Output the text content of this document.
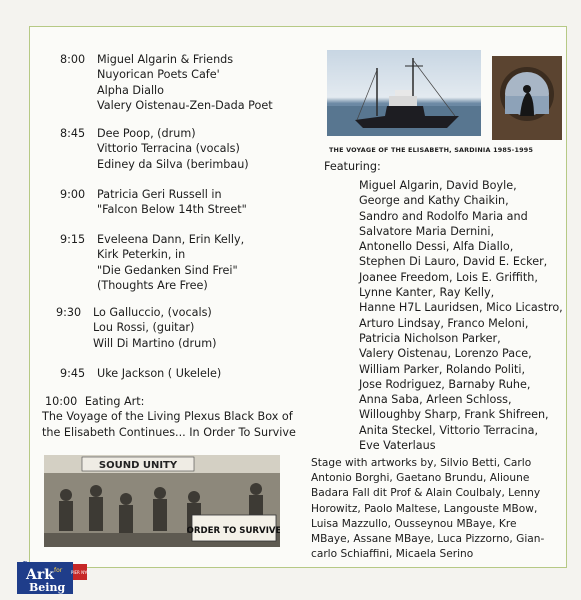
8:00 Miguel Algarin & Friends
Nuyorican Poets Cafe'
Alpha Diallo
Valery Oistenau-Zen-Dada Poet
8:45 Dee Poop, (drum)
Vittorio Terracina (vocals)
Ediney da Silva (berimbau)
9:00 Patricia Geri Russell in
"Falcon Below 14th Street"
9:15 Eveleena Dann, Erin Kelly,
Kirk Peterkin, in
"Die Gedanken Sind Frei"
(Thoughts Are Free)
9:30 Lo Galluccio, (vocals)
Lou Rossi, (guitar)
Will Di Martino (drum)
9:45 Uke Jackson ( Ukelele)
10:00 Eating Art:
The Voyage of the Living Plexus Black Box of
the Elisabeth Continues... In Order To Survive
THE VOYAGE OF THE ELISABETH, SARDINIA 1985-1995
Featuring:
Miguel Algarin, David Boyle,
George and Kathy Chaikin,
Sandro and Rodolfo Maria and
Salvatore Maria Dernini,
Antonello Dessi, Alfa Diallo,
Stephen Di Lauro, David E. Ecker,
Joanee Freedom, Lois E. Griffith,
Lynne Kanter, Ray Kelly,
Hanne H7L Lauridsen, Mico Licastro,
Arturo Lindsay, Franco Meloni,
Patricia Nicholson Parker,
Valery Oistenau, Lorenzo Pace,
William Parker, Rolando Politi,
Jose Rodriguez, Barnaby Ruhe,
Anna Saba, Arleen Schloss,
Willoughby Sharp, Frank Shifreen,
Anita Steckel, Vittorio Terracina,
Eve Vaterlaus
Stage with artworks by, Silvio Betti, Carlo
Antonio Borghi, Gaetano Brundu, Alioune
Badara Fall dit Prof & Alain Coulbaly, Lenny
Horowitz, Paolo Maltese, Langouste MBow,
Luisa Mazzullo, Ousseynou MBaye, Kre
MBaye, Assane MBaye, Luca Pizzorno, Gian-
carlo Schiaffini, Micaela Serino
SOUND UNITY
ORDER TO SURVIVE
The
Ark for
Being
PIER NYC
